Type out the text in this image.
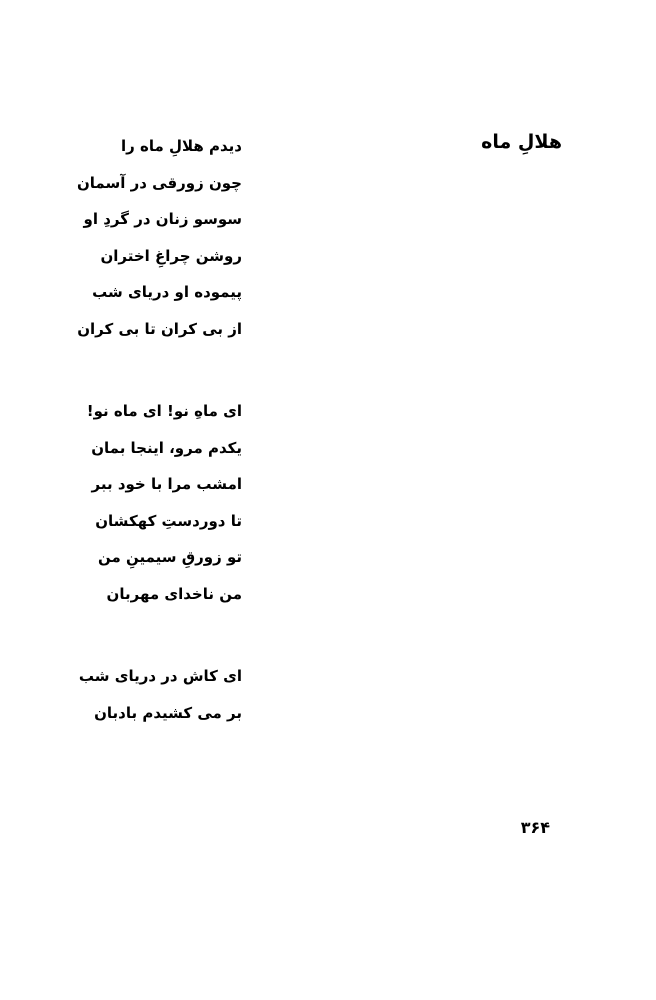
هلالِ ماه
دیدم هلالِ ماه را
چون زورقی در آسمان
سوسو زنان در گردِ او
روشن چراغِ اختران
پیموده او دریای شب
از بی کران تا بی کران
ای ماهِ نو! ای ماه نو!
یکدم مرو، اینجا بمان
امشب مرا با خود ببر
تا دوردستِ کهکشان
تو زورقِ سیمینِ من
من ناخدای مهربان
ای کاش در دریای شب
بر می کشیدم بادبان
۳۶۴
